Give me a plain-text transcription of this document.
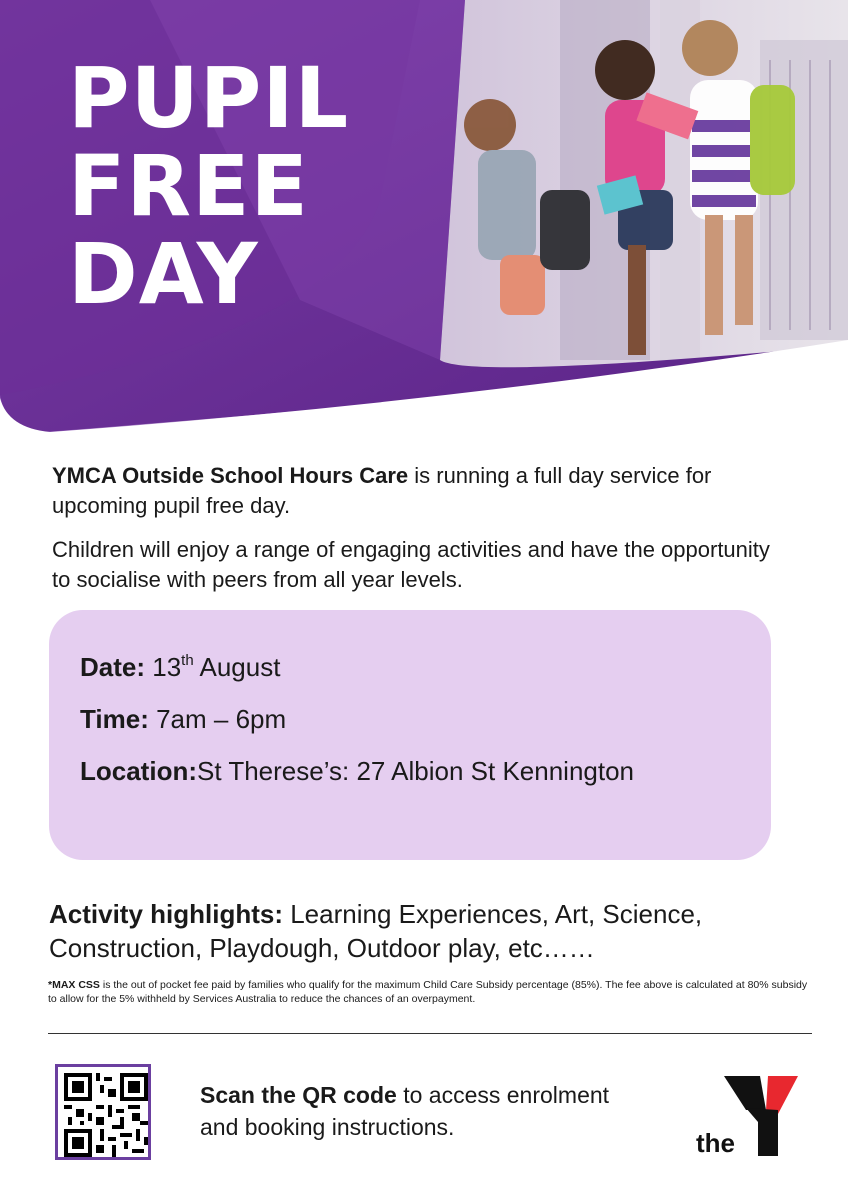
PUPIL
FREE
DAY

YMCA Outside School Hours Care is running a full day service for upcoming pupil free day.

Children will enjoy a range of engaging activities and have the opportunity to socialise with peers from all year levels.

Date: 13th August
Time: 7am – 6pm
Location:St Therese’s: 27 Albion St Kennington
Activity highlights: Learning Experiences, Art, Science, Construction, Playdough, Outdoor play, etc……
*MAX CSS is the out of pocket fee paid by families who qualify for the maximum Child Care Subsidy percentage (85%). The fee above is calculated at 80% subsidy to allow for the 5% withheld by Services Australia to reduce the chances of an overpayment.
Scan the QR code to access enrolment and booking instructions.
the
